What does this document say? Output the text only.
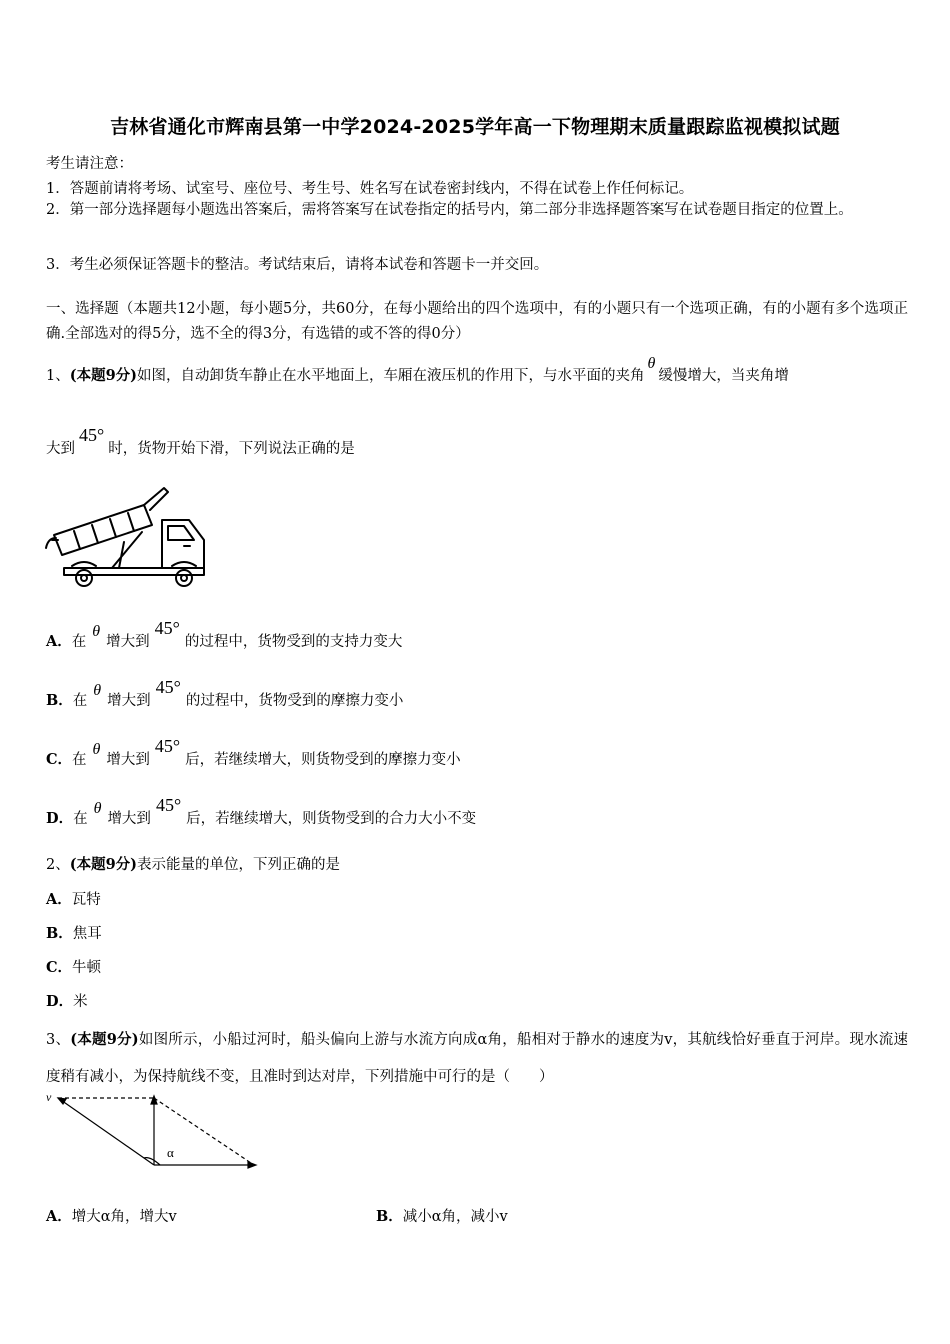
吉林省通化市辉南县第一中学2024-2025学年高一下物理期末质量跟踪监视模拟试题
考生请注意：
1．答题前请将考场、试室号、座位号、考生号、姓名写在试卷密封线内，不得在试卷上作任何标记。
2．第一部分选择题每小题选出答案后，需将答案写在试卷指定的括号内，第二部分非选择题答案写在试卷题目指定的位置上。
3．考生必须保证答题卡的整洁。考试结束后，请将本试卷和答题卡一并交回。
一、选择题（本题共12小题，每小题5分，共60分，在每小题给出的四个选项中，有的小题只有一个选项正确，有的小题有多个选项正确.全部选对的得5分，选不全的得3分，有选错的或不答的得0分）
1、(本题9分)如图，自动卸货车静止在水平地面上，车厢在液压机的作用下，与水平面的夹角θ缓慢增大，当夹角增
大到45°时，货物开始下滑，下列说法正确的是
A．在θ增大到45°的过程中，货物受到的支持力变大
B．在θ增大到45°的过程中，货物受到的摩擦力变小
C．在θ增大到45°后，若继续增大，则货物受到的摩擦力变小
D．在θ增大到45°后，若继续增大，则货物受到的合力大小不变
2、(本题9分)表示能量的单位，下列正确的是
A．瓦特
B．焦耳
C．牛顿
D．米
3、(本题9分)如图所示，小船过河时，船头偏向上游与水流方向成α角，船相对于静水的速度为v，其航线恰好垂直于河岸。现水流速度稍有减小，为保持航线不变，且准时到达对岸，下列措施中可行的是（　　）
v
α
A．增大α角，增大v	B．减小α角，减小v
